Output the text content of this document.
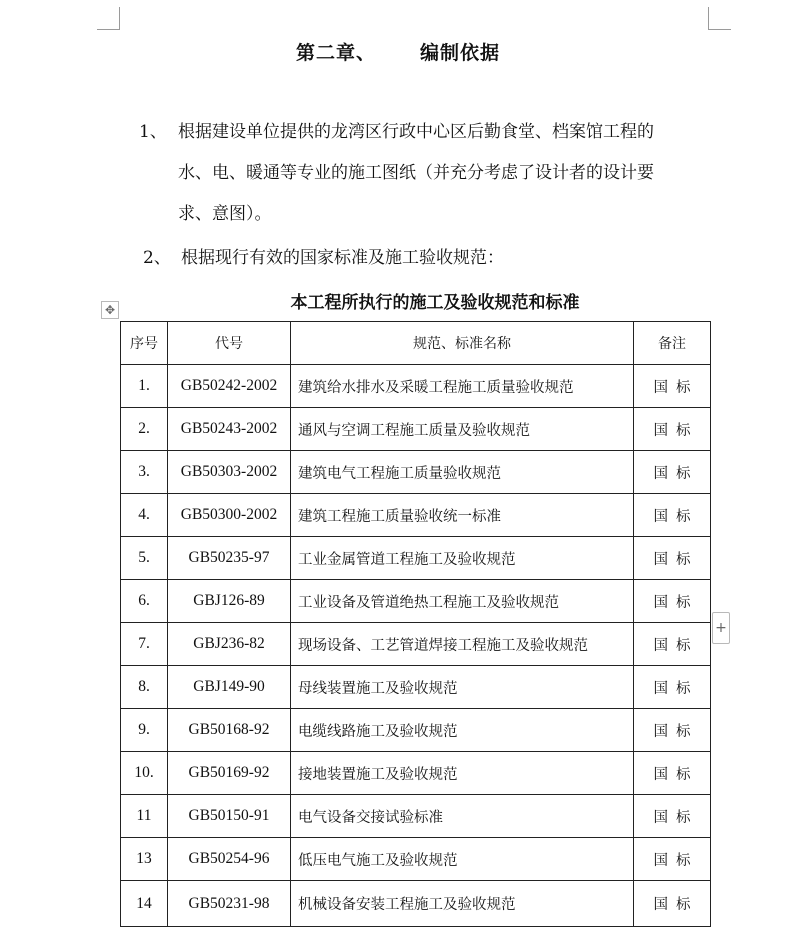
第二章、 编制依据
1、 根据建设单位提供的龙湾区行政中心区后勤食堂、档案馆工程的
水、电、暖通等专业的施工图纸（并充分考虑了设计者的设计要
求、意图）。
2、 根据现行有效的国家标准及施工验收规范：
本工程所执行的施工及验收规范和标准
✥
+
序号	代号	规范、标准名称	备注
1.	GB50242-2002	建筑给水排水及采暖工程施工质量验收规范	国标
2.	GB50243-2002	通风与空调工程施工质量及验收规范	国标
3.	GB50303-2002	建筑电气工程施工质量验收规范	国标
4.	GB50300-2002	建筑工程施工质量验收统一标准	国标
5.	GB50235-97	工业金属管道工程施工及验收规范	国标
6.	GBJ126-89	工业设备及管道绝热工程施工及验收规范	国标
7.	GBJ236-82	现场设备、工艺管道焊接工程施工及验收规范	国标
8.	GBJ149-90	母线装置施工及验收规范	国标
9.	GB50168-92	电缆线路施工及验收规范	国标
10.	GB50169-92	接地装置施工及验收规范	国标
11	GB50150-91	电气设备交接试验标准	国标
13	GB50254-96	低压电气施工及验收规范	国标
14	GB50231-98	机械设备安装工程施工及验收规范	国标
